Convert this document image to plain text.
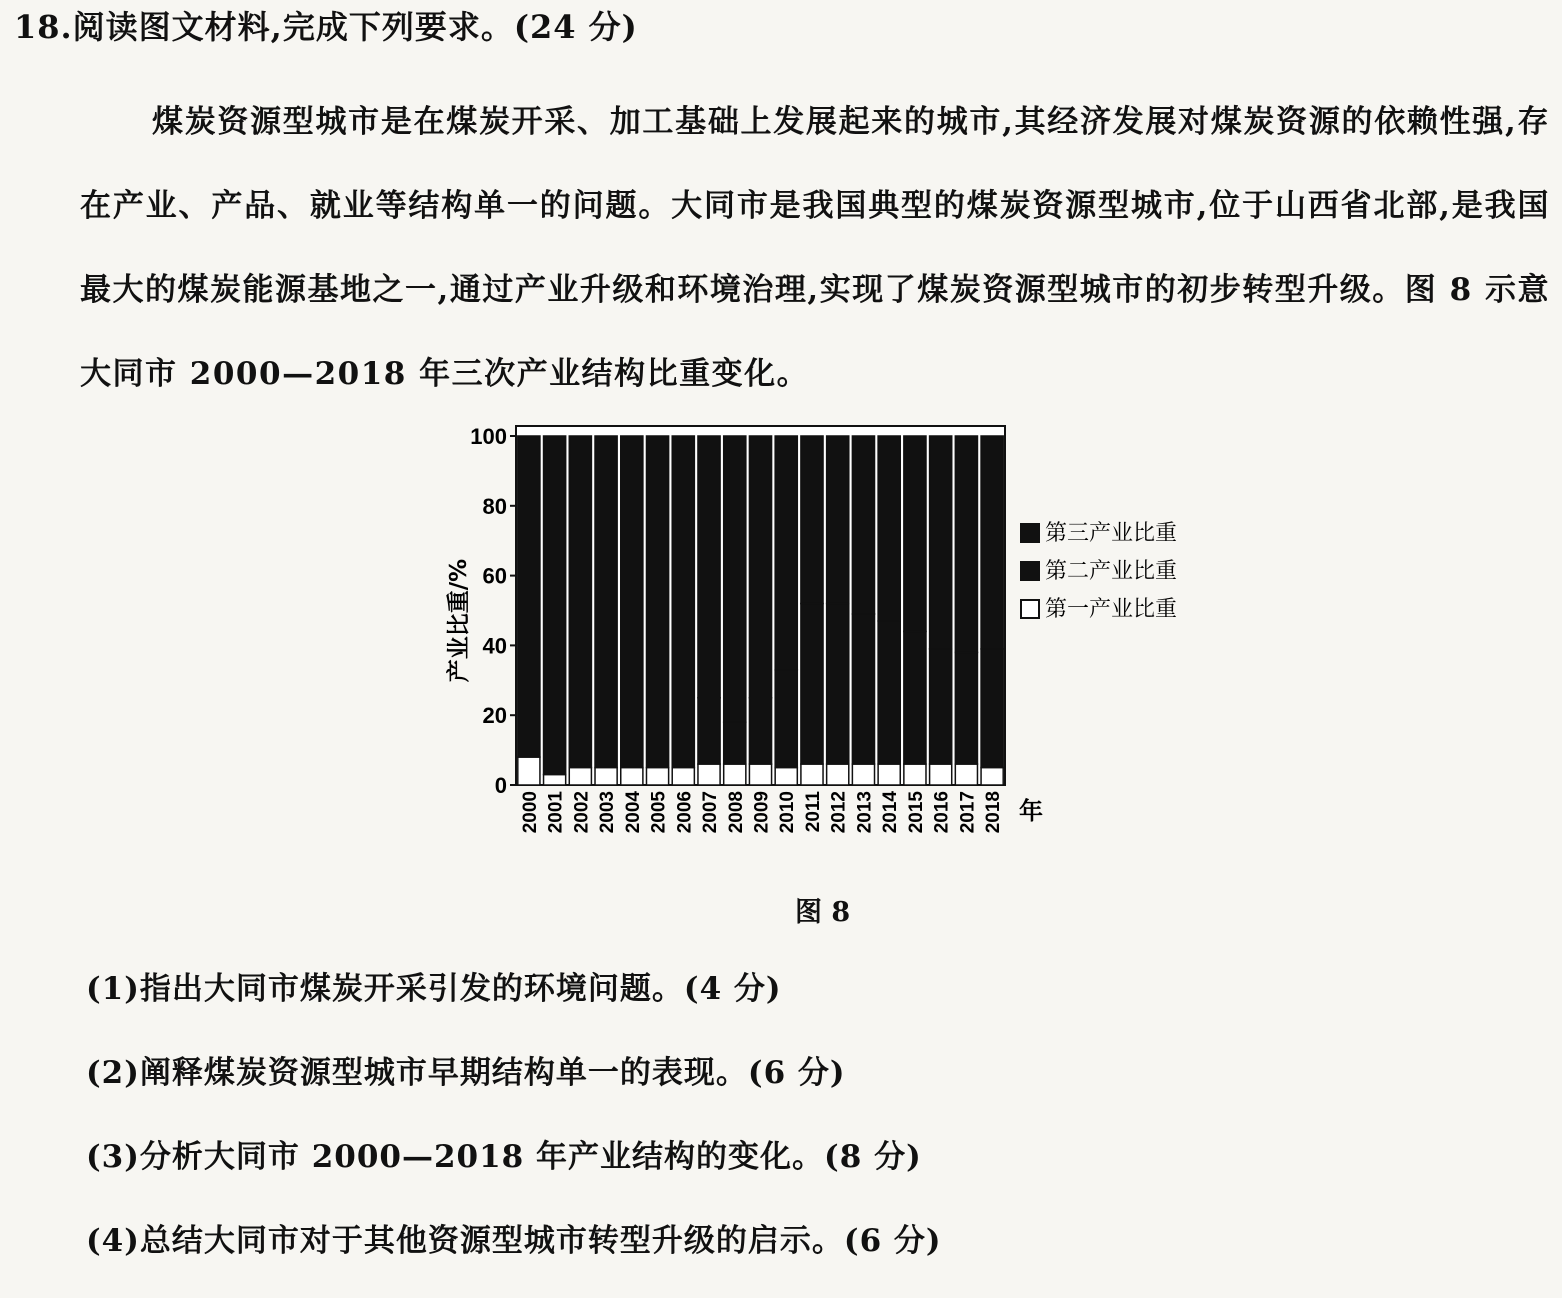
18.阅读图文材料,完成下列要求。(24 分)
煤炭资源型城市是在煤炭开采、加工基础上发展起来的城市,其经济发展对煤炭资源的依赖性强,存在产业、产品、就业等结构单一的问题。大同市是我国典型的煤炭资源型城市,位于山西省北部,是我国最大的煤炭能源基地之一,通过产业升级和环境治理,实现了煤炭资源型城市的初步转型升级。图 8 示意大同市 2000—2018 年三次产业结构比重变化。
0
20
40
60
80
100
产业比重/%
2000 2001 2002 2003 2004 2005 2006 2007 2008 2009 2010 2011 2012 2013 2014 2015 2016 2017 2018 年
第三产业比重
第二产业比重
第一产业比重
图 8
(1)指出大同市煤炭开采引发的环境问题。(4 分)
(2)阐释煤炭资源型城市早期结构单一的表现。(6 分)
(3)分析大同市 2000—2018 年产业结构的变化。(8 分)
(4)总结大同市对于其他资源型城市转型升级的启示。(6 分)
